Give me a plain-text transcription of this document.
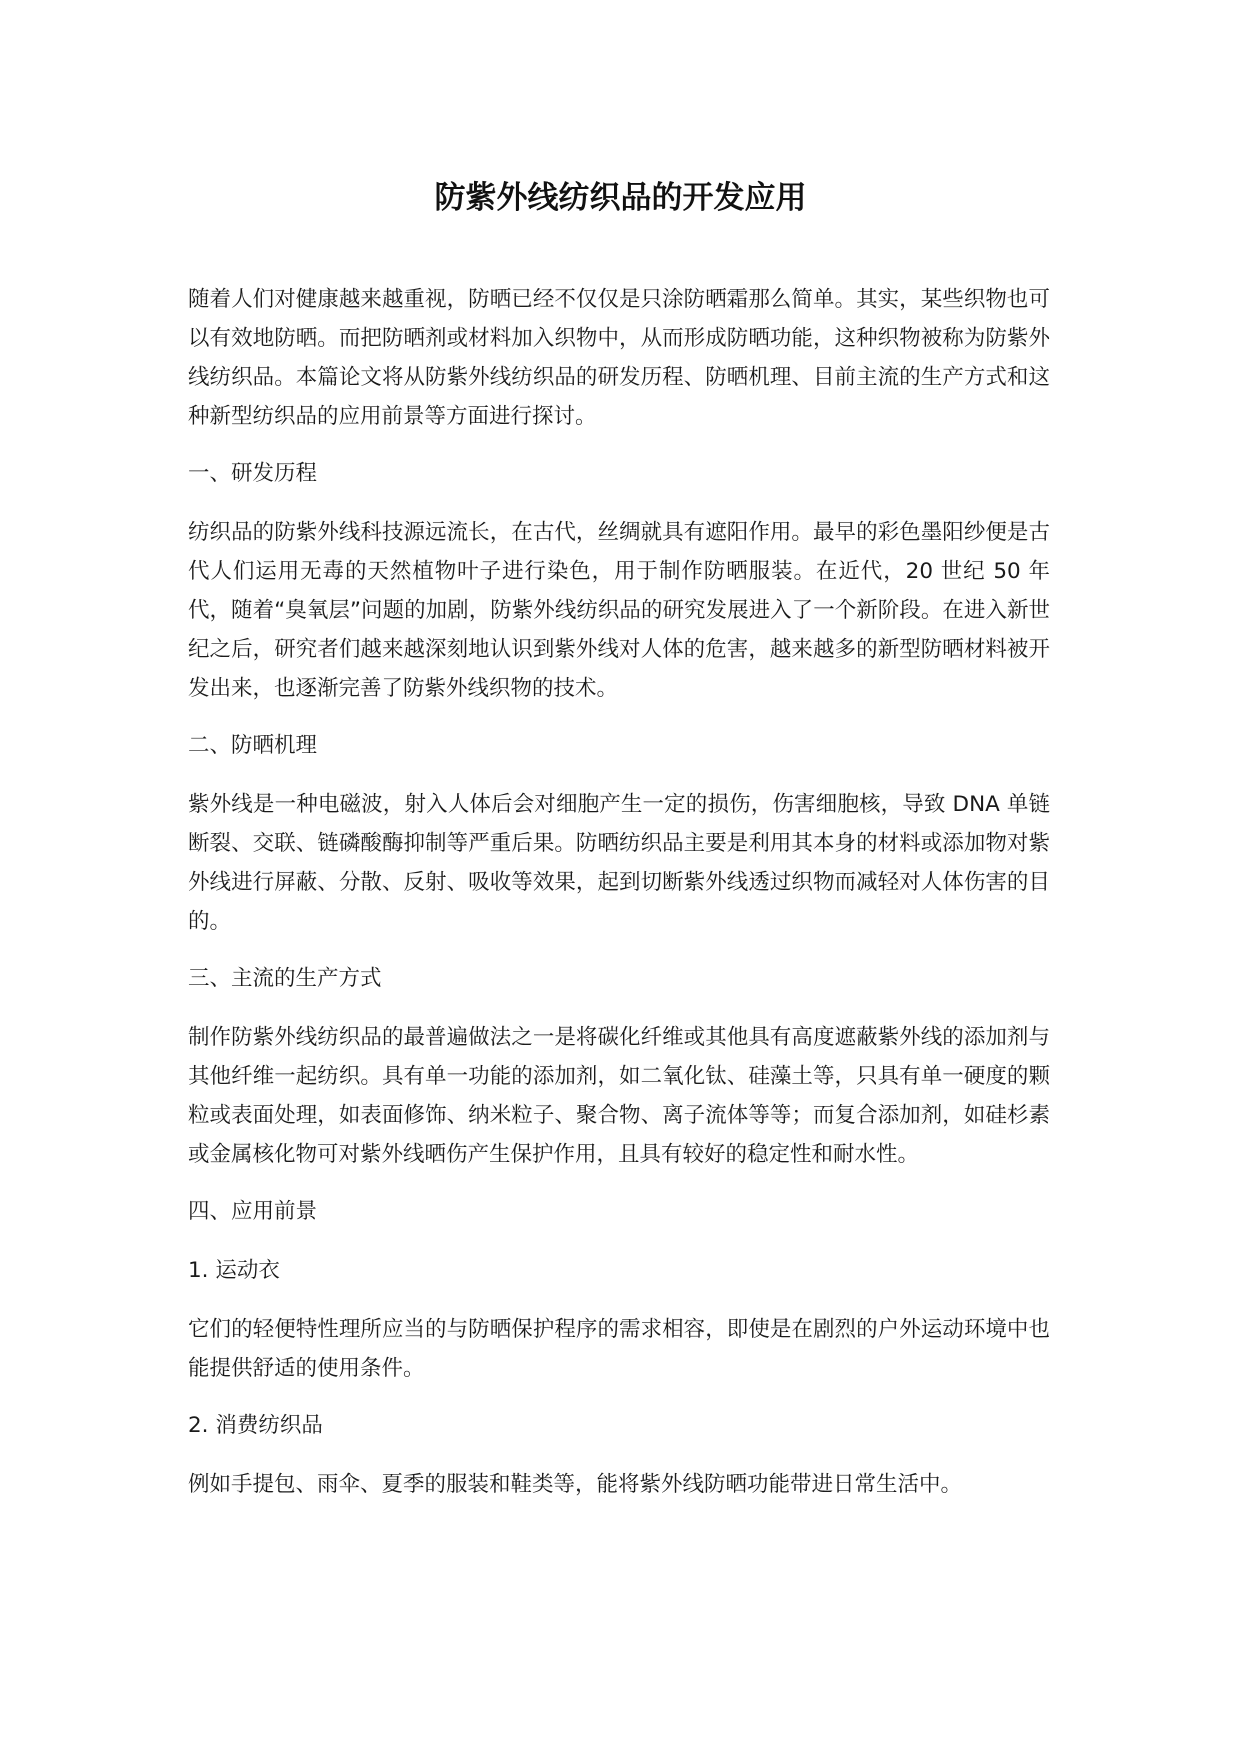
防紫外线纺织品的开发应用

随着人们对健康越来越重视，防晒已经不仅仅是只涂防晒霜那么简单。其实，某些织物也可以有效地防晒。而把防晒剂或材料加入织物中，从而形成防晒功能，这种织物被称为防紫外线纺织品。本篇论文将从防紫外线纺织品的研发历程、防晒机理、目前主流的生产方式和这种新型纺织品的应用前景等方面进行探讨。

一、研发历程

纺织品的防紫外线科技源远流长，在古代，丝绸就具有遮阳作用。最早的彩色墨阳纱便是古代人们运用无毒的天然植物叶子进行染色，用于制作防晒服装。在近代，20 世纪 50 年代，随着“臭氧层”问题的加剧，防紫外线纺织品的研究发展进入了一个新阶段。在进入新世纪之后，研究者们越来越深刻地认识到紫外线对人体的危害，越来越多的新型防晒材料被开发出来，也逐渐完善了防紫外线织物的技术。

二、防晒机理

紫外线是一种电磁波，射入人体后会对细胞产生一定的损伤，伤害细胞核，导致 DNA 单链断裂、交联、链磷酸酶抑制等严重后果。防晒纺织品主要是利用其本身的材料或添加物对紫外线进行屏蔽、分散、反射、吸收等效果，起到切断紫外线透过织物而减轻对人体伤害的目的。

三、主流的生产方式

制作防紫外线纺织品的最普遍做法之一是将碳化纤维或其他具有高度遮蔽紫外线的添加剂与其他纤维一起纺织。具有单一功能的添加剂，如二氧化钛、硅藻土等，只具有单一硬度的颗粒或表面处理，如表面修饰、纳米粒子、聚合物、离子流体等等；而复合添加剂，如硅杉素或金属核化物可对紫外线晒伤产生保护作用，且具有较好的稳定性和耐水性。

四、应用前景

1. 运动衣

它们的轻便特性理所应当的与防晒保护程序的需求相容，即使是在剧烈的户外运动环境中也能提供舒适的使用条件。

2. 消费纺织品

例如手提包、雨伞、夏季的服装和鞋类等，能将紫外线防晒功能带进日常生活中。
